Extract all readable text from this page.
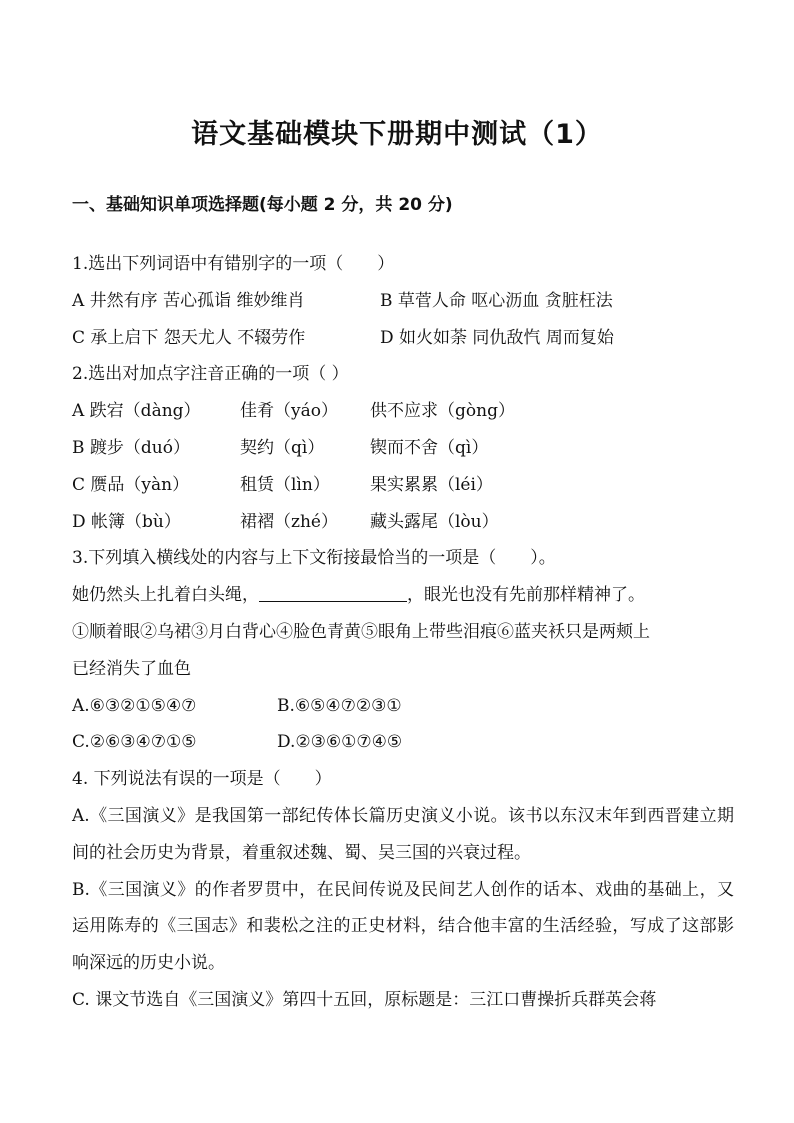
语文基础模块下册期中测试（1）
一、基础知识单项选择题(每小题 2 分，共 20 分)
1.选出下列词语中有错别字的一项（　　）
A 井然有序 苦心孤诣 维妙维肖	B 草菅人命 呕心沥血 贪脏枉法
C 承上启下 怨天尤人 不辍劳作	D 如火如荼 同仇敌忾 周而复始
2.选出对加点字注音正确的一项（ ）
A 跌宕（dàng） 佳肴（yáo） 供不应求（gòng）
B 踱步（duó）	契约（qì）	锲而不舍（qì）
C 赝品（yàn）	租赁（lìn） 果实累累（léi）
D 帐簿（bù）	裙褶（zhé） 藏头露尾（lòu）
3.下列填入横线处的内容与上下文衔接最恰当的一项是（　　）。
她仍然头上扎着白头绳，	，眼光也没有先前那样精神了。
①顺着眼②乌裙③月白背心④脸色青黄⑤眼角上带些泪痕⑥蓝夹袄只是两颊上
已经消失了血色
A.⑥③②①⑤④⑦	B.⑥⑤④⑦②③①
C.②⑥③④⑦①⑤	D.②③⑥①⑦④⑤
4. 下列说法有误的一项是（　　）
A.《三国演义》是我国第一部纪传体长篇历史演义小说。该书以东汉末年到西晋建立期间的社会历史为背景，着重叙述魏、蜀、吴三国的兴衰过程。
B.《三国演义》的作者罗贯中，在民间传说及民间艺人创作的话本、戏曲的基础上，又运用陈寿的《三国志》和裴松之注的正史材料，结合他丰富的生活经验，写成了这部影响深远的历史小说。
C. 课文节选自《三国演义》第四十五回，原标题是：三江口曹操折兵群英会蒋
